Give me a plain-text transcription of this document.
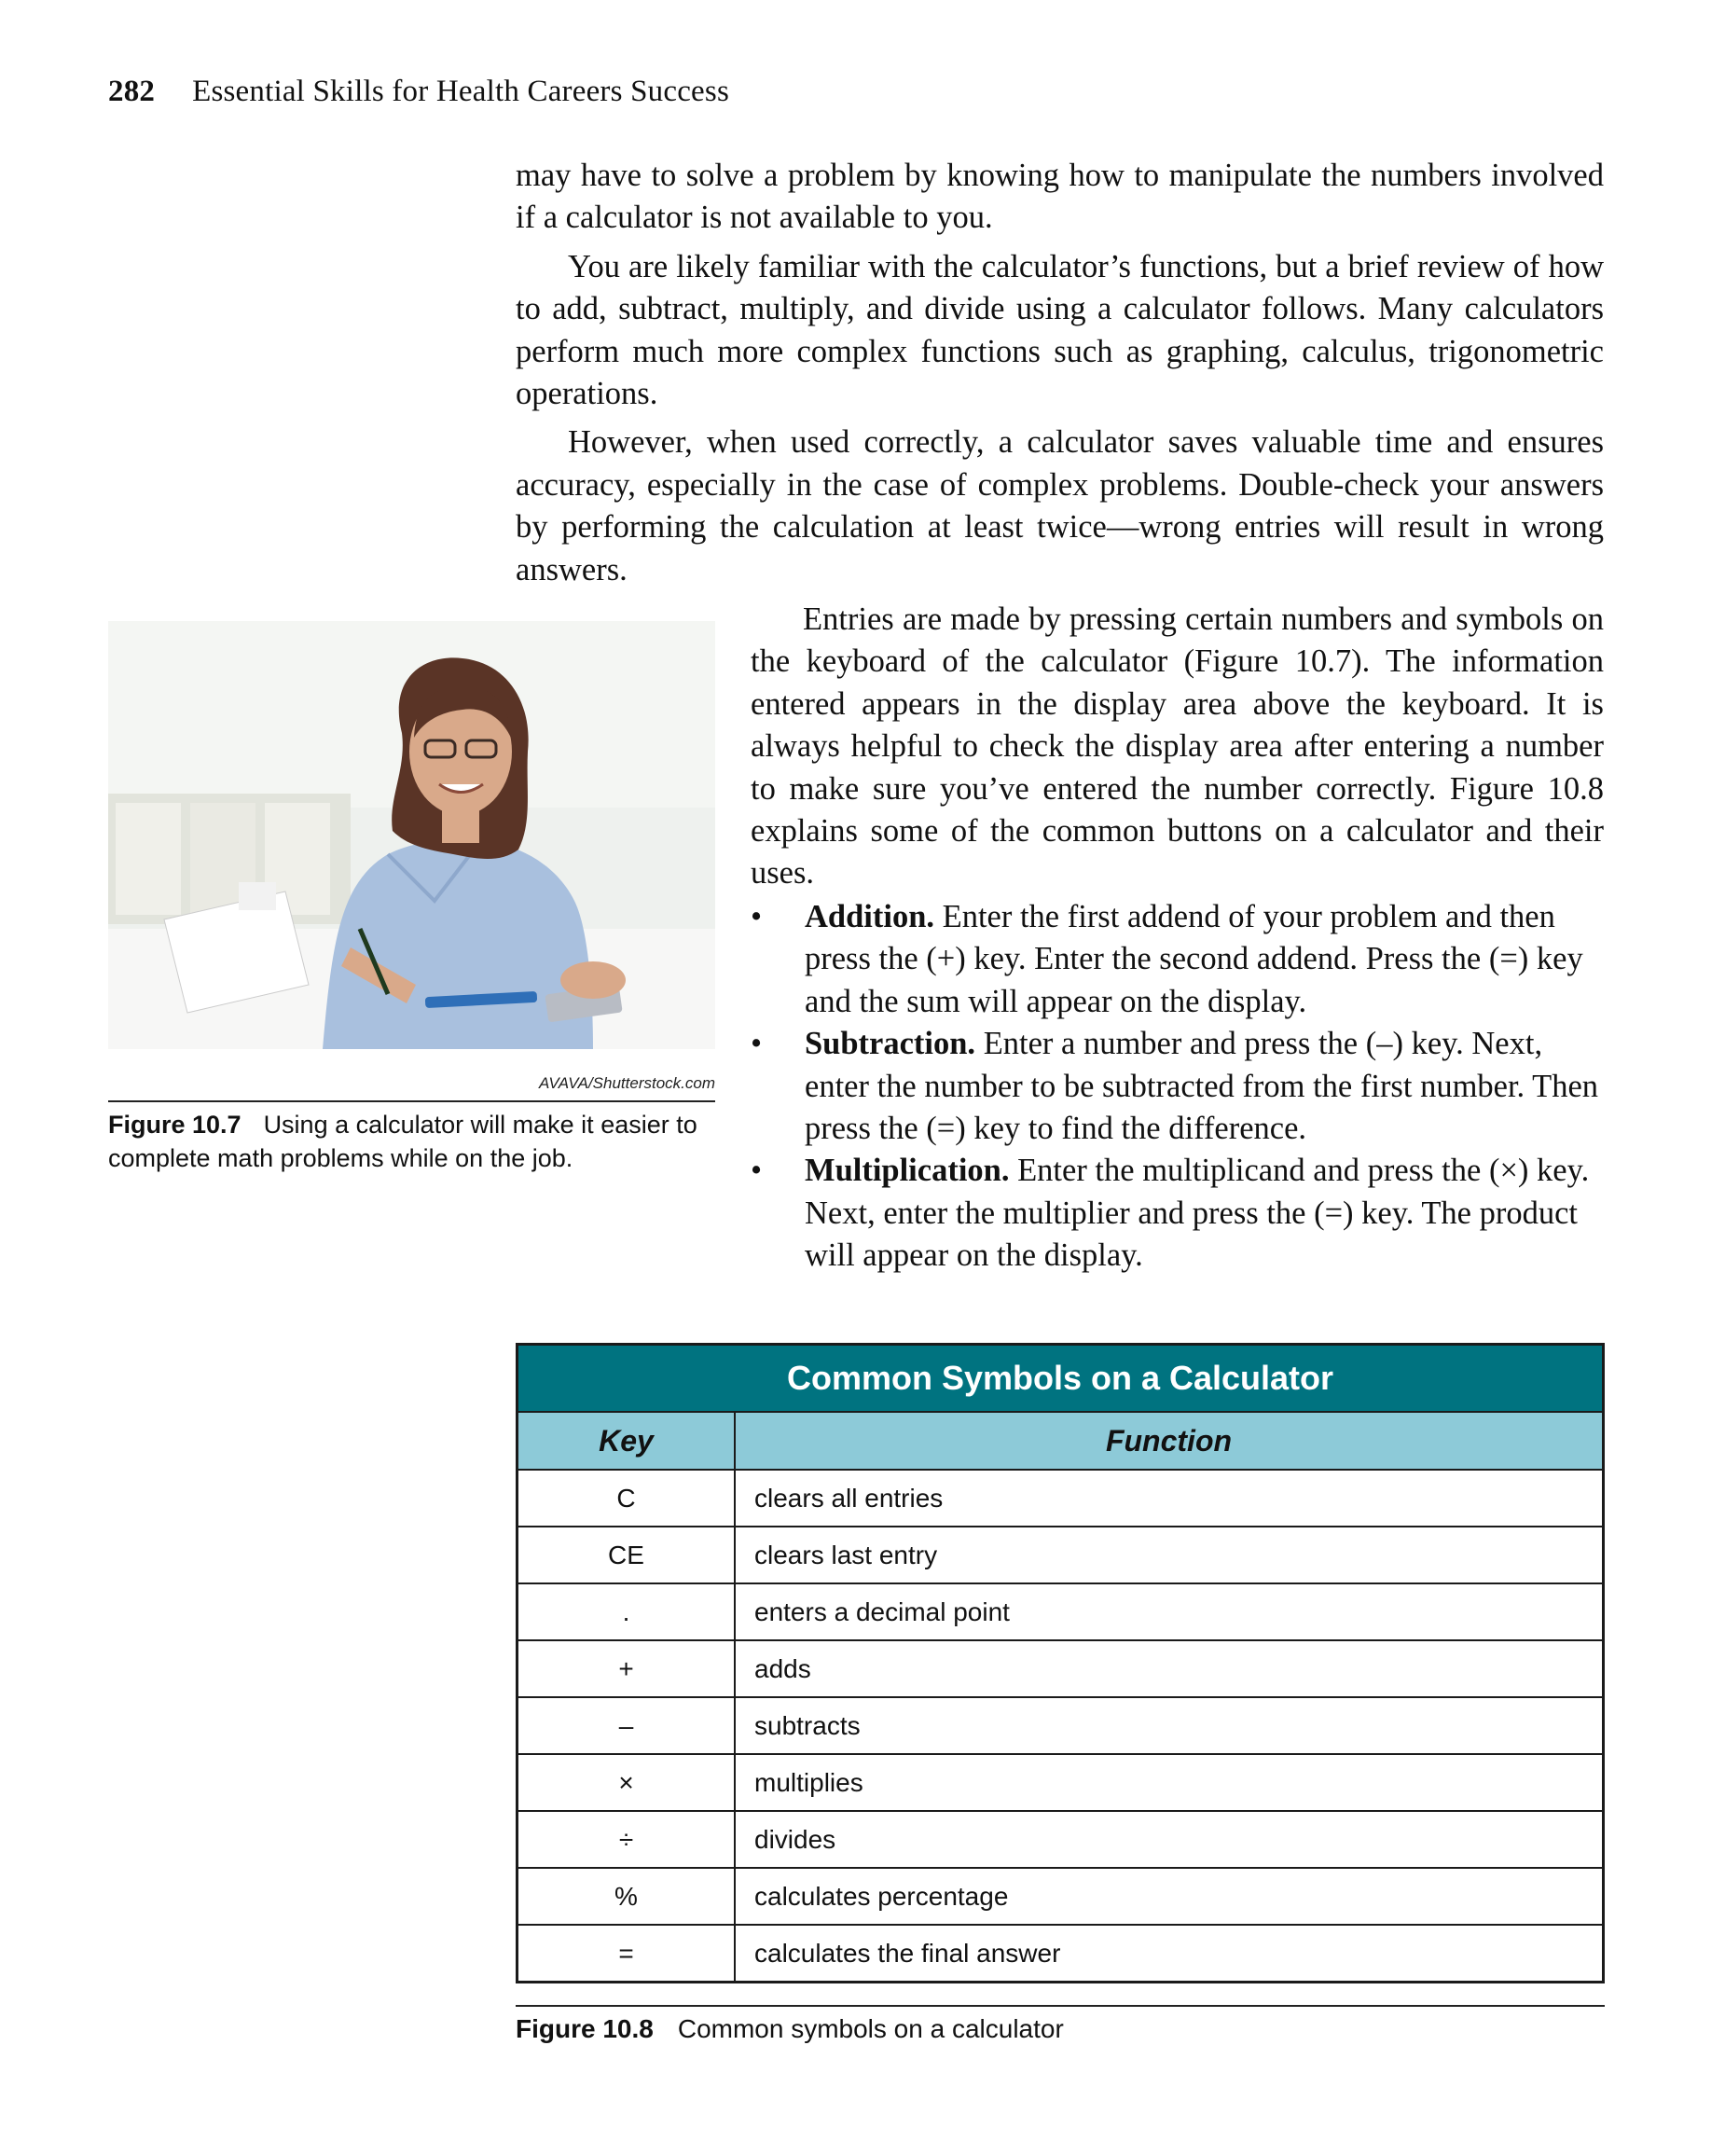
282 Essential Skills for Health Careers Success

may have to solve a problem by knowing how to manipulate the numbers involved if a calculator is not available to you.

You are likely familiar with the calculator’s functions, but a brief review of how to add, subtract, multiply, and divide using a calculator follows. Many calculators perform much more complex functions such as graphing, calculus, trigonometric operations.

However, when used correctly, a calculator saves valuable time and ensures accuracy, especially in the case of complex problems. Double-check your answers by performing the calculation at least twice—wrong entries will result in wrong answers.

Entries are made by pressing certain numbers and symbols on the keyboard of the calculator (Figure 10.7). The information entered appears in the display area above the keyboard. It is always helpful to check the display area after entering a number to make sure you’ve entered the number correctly. Figure 10.8 explains some of the common buttons on a calculator and their uses.

• Addition. Enter the first addend of your problem and then press the (+) key. Enter the second addend. Press the (=) key and the sum will appear on the display.
• Subtraction. Enter a number and press the (–) key. Next, enter the number to be subtracted from the first number. Then press the (=) key to find the difference.
• Multiplication. Enter the multiplicand and press the (×) key. Next, enter the multiplier and press the (=) key. The product will appear on the display.
AVAVA/Shutterstock.com
Figure 10.7 Using a calculator will make it easier to complete math problems while on the job.
Common Symbols on a Calculator	
Key	Function
C	clears all entries
CE	clears last entry
.	enters a decimal point
+	adds
–	subtracts
×	multiplies
÷	divides
%	calculates percentage
=	calculates the final answer
Figure 10.8 Common symbols on a calculator
